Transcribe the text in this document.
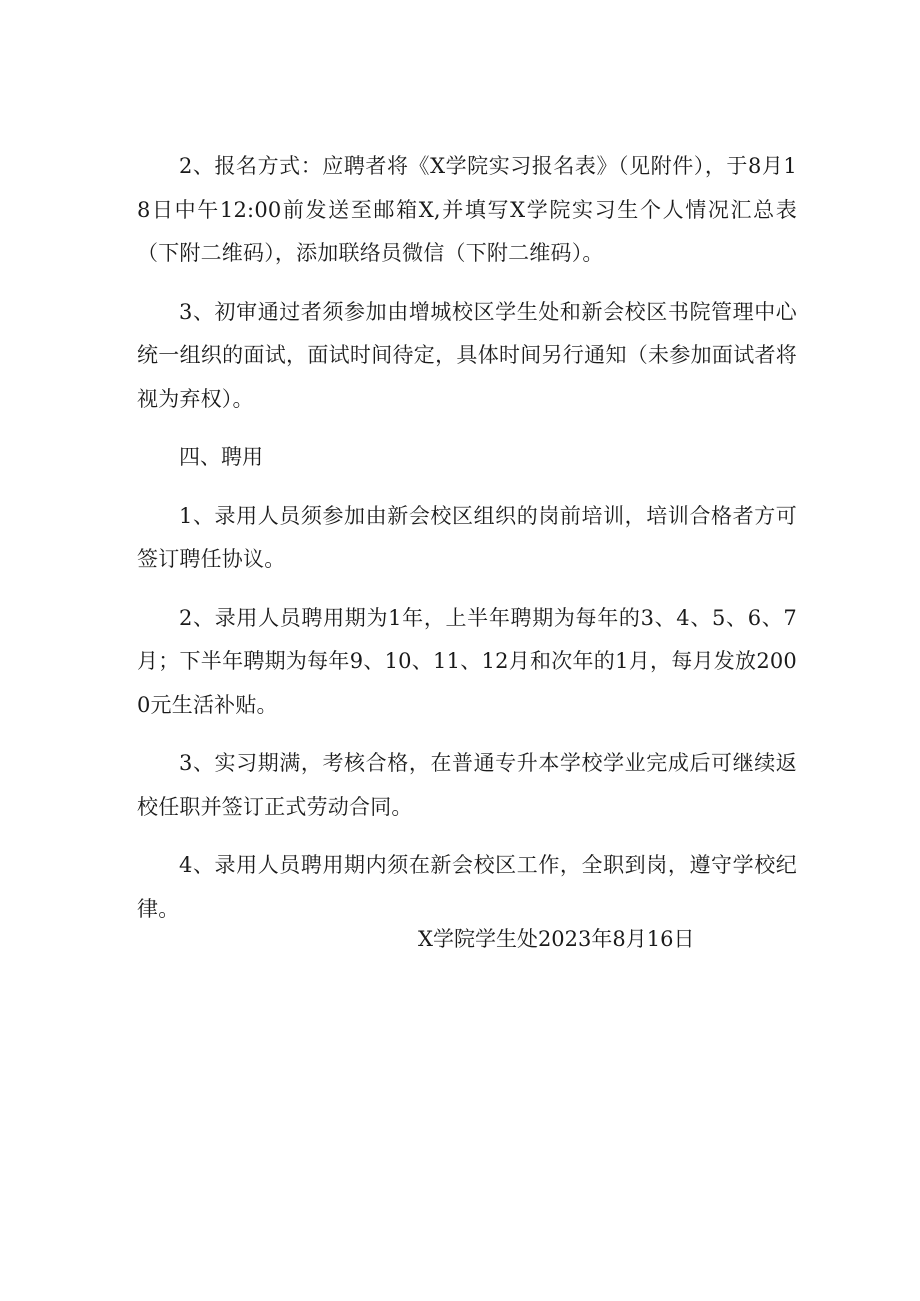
2、报名方式：应聘者将《X学院实习报名表》（见附件），于8月18日中午12:00前发送至邮箱X,并填写X学院实习生个人情况汇总表（下附二维码），添加联络员微信（下附二维码）。

3、初审通过者须参加由增城校区学生处和新会校区书院管理中心统一组织的面试，面试时间待定，具体时间另行通知（未参加面试者将视为弃权）。

四、聘用

1、录用人员须参加由新会校区组织的岗前培训，培训合格者方可签订聘任协议。

2、录用人员聘用期为1年，上半年聘期为每年的3、4、5、6、7月；下半年聘期为每年9、10、11、12月和次年的1月，每月发放2000元生活补贴。

3、实习期满，考核合格，在普通专升本学校学业完成后可继续返校任职并签订正式劳动合同。

4、录用人员聘用期内须在新会校区工作，全职到岗，遵守学校纪律。

X学院学生处2023年8月16日
